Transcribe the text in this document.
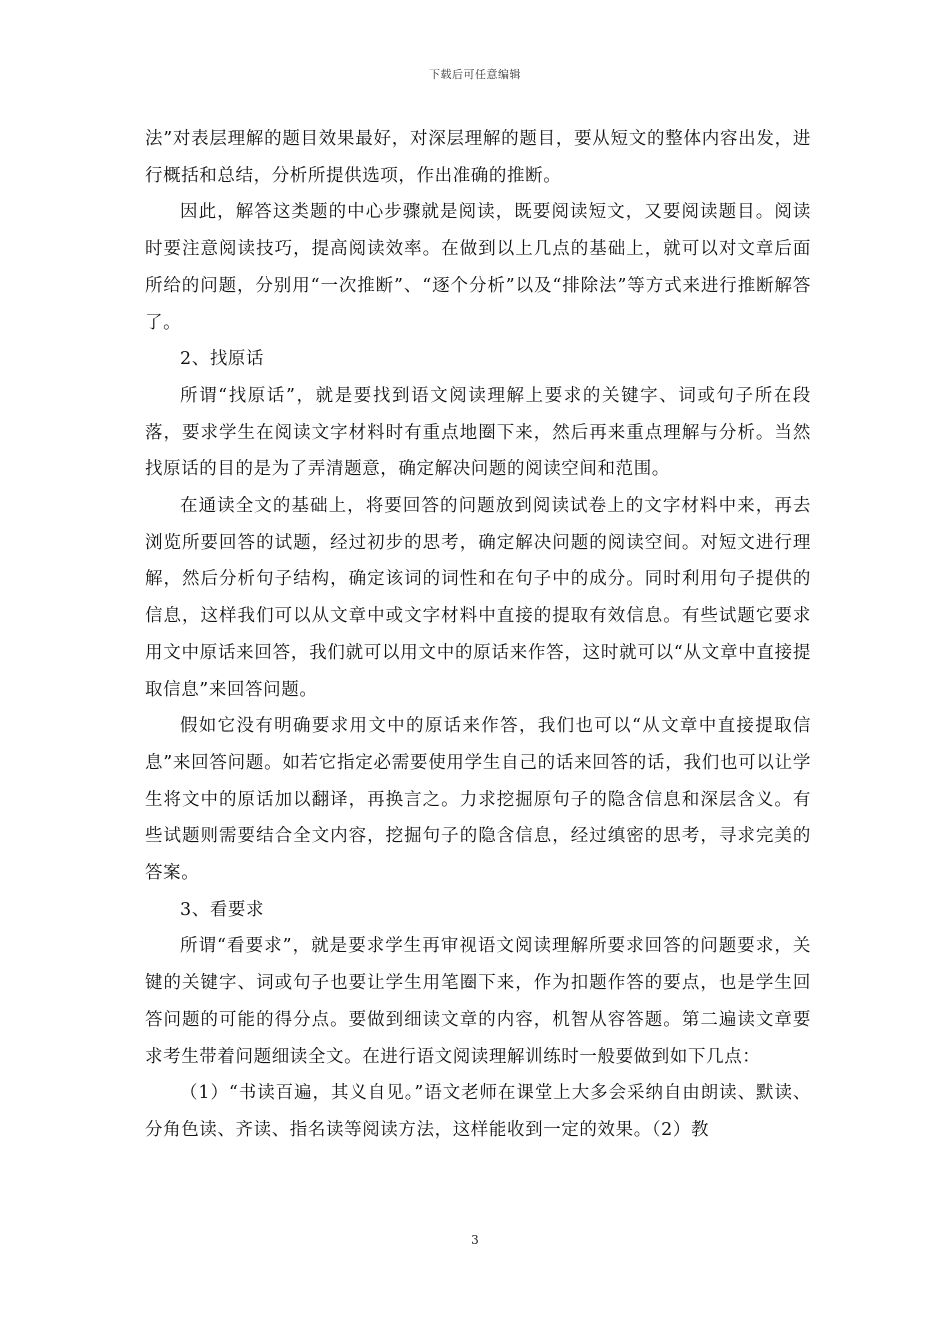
下载后可任意编辑

法”对表层理解的题目效果最好，对深层理解的题目，要从短文的整体内容出发，进行概括和总结，分析所提供选项，作出准确的推断。

因此，解答这类题的中心步骤就是阅读，既要阅读短文，又要阅读题目。阅读时要注意阅读技巧，提高阅读效率。在做到以上几点的基础上，就可以对文章后面所给的问题，分别用“一次推断”、“逐个分析”以及“排除法”等方式来进行推断解答了。

2、找原话

所谓“找原话”，就是要找到语文阅读理解上要求的关键字、词或句子所在段落，要求学生在阅读文字材料时有重点地圈下来，然后再来重点理解与分析。当然找原话的目的是为了弄清题意，确定解决问题的阅读空间和范围。

在通读全文的基础上，将要回答的问题放到阅读试卷上的文字材料中来，再去浏览所要回答的试题，经过初步的思考，确定解决问题的阅读空间。对短文进行理解，然后分析句子结构，确定该词的词性和在句子中的成分。同时利用句子提供的信息，这样我们可以从文章中或文字材料中直接的提取有效信息。有些试题它要求用文中原话来回答，我们就可以用文中的原话来作答，这时就可以“从文章中直接提取信息”来回答问题。

假如它没有明确要求用文中的原话来作答，我们也可以“从文章中直接提取信息”来回答问题。如若它指定必需要使用学生自己的话来回答的话，我们也可以让学生将文中的原话加以翻译，再换言之。力求挖掘原句子的隐含信息和深层含义。有些试题则需要结合全文内容，挖掘句子的隐含信息，经过缜密的思考，寻求完美的答案。

3、看要求

所谓“看要求”，就是要求学生再审视语文阅读理解所要求回答的问题要求，关键的关键字、词或句子也要让学生用笔圈下来，作为扣题作答的要点，也是学生回答问题的可能的得分点。要做到细读文章的内容，机智从容答题。第二遍读文章要求考生带着问题细读全文。在进行语文阅读理解训练时一般要做到如下几点：

（1）“书读百遍，其义自见。”语文老师在课堂上大多会采纳自由朗读、默读、分角色读、齐读、指名读等阅读方法，这样能收到一定的效果。（2）教

3
